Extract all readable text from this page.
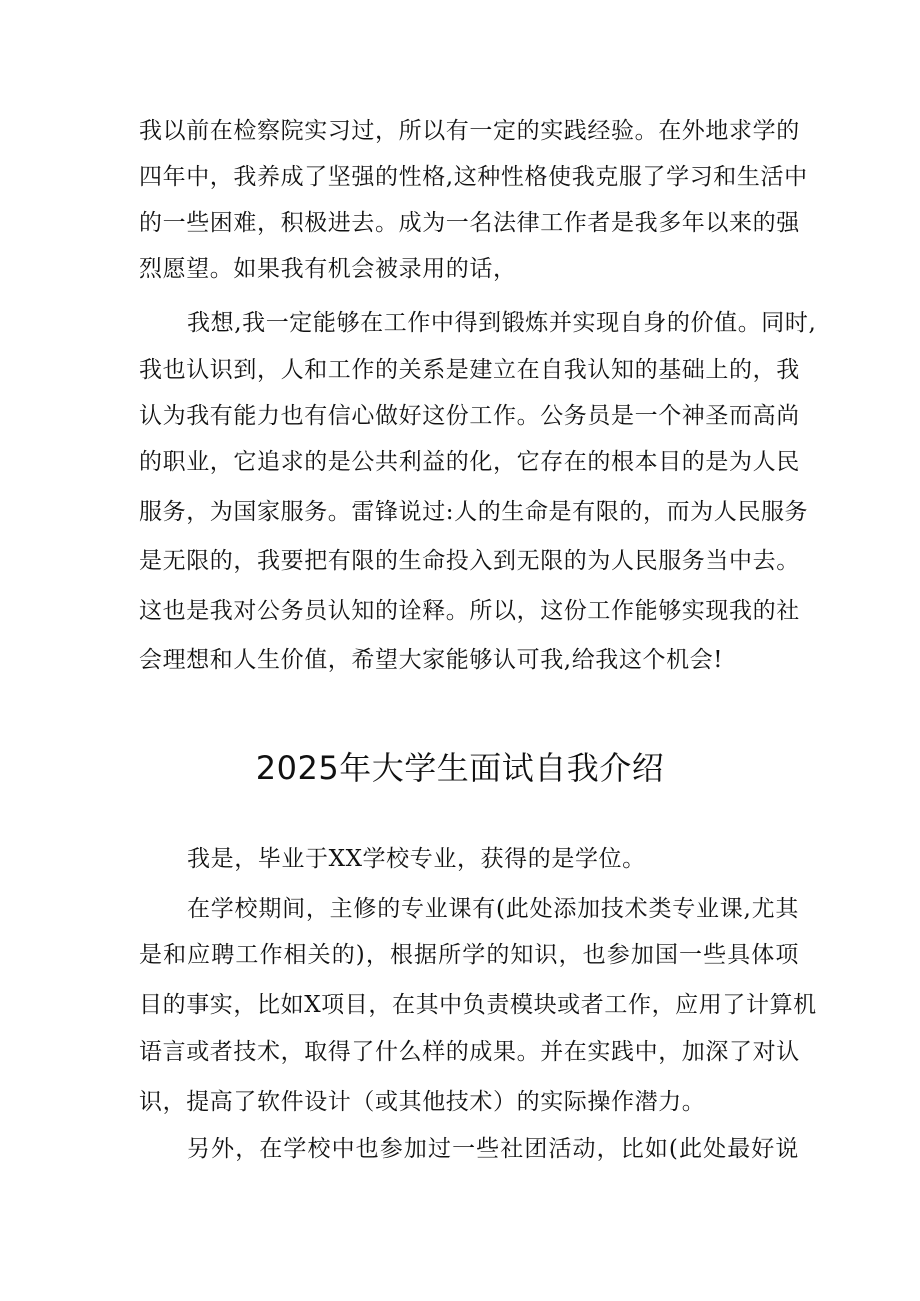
我以前在检察院实习过，所以有一定的实践经验。在外地求学的
四年中，我养成了坚强的性格,这种性格使我克服了学习和生活中
的一些困难，积极进去。成为一名法律工作者是我多年以来的强
烈愿望。如果我有机会被录用的话，
我想,我一定能够在工作中得到锻炼并实现自身的价值。同时,
我也认识到，人和工作的关系是建立在自我认知的基础上的，我
认为我有能力也有信心做好这份工作。公务员是一个神圣而高尚
的职业，它追求的是公共利益的化，它存在的根本目的是为人民
服务，为国家服务。雷锋说过:人的生命是有限的，而为人民服务
是无限的，我要把有限的生命投入到无限的为人民服务当中去。
这也是我对公务员认知的诠释。所以，这份工作能够实现我的社
会理想和人生价值，希望大家能够认可我,给我这个机会!
2025年大学生面试自我介绍
我是，毕业于XX学校专业，获得的是学位。
在学校期间，主修的专业课有(此处添加技术类专业课,尤其
是和应聘工作相关的)，根据所学的知识，也参加国一些具体项
目的事实，比如X项目，在其中负责模块或者工作，应用了计算机
语言或者技术，取得了什么样的成果。并在实践中，加深了对认
识，提高了软件设计（或其他技术）的实际操作潜力。
另外，在学校中也参加过一些社团活动，比如(此处最好说
